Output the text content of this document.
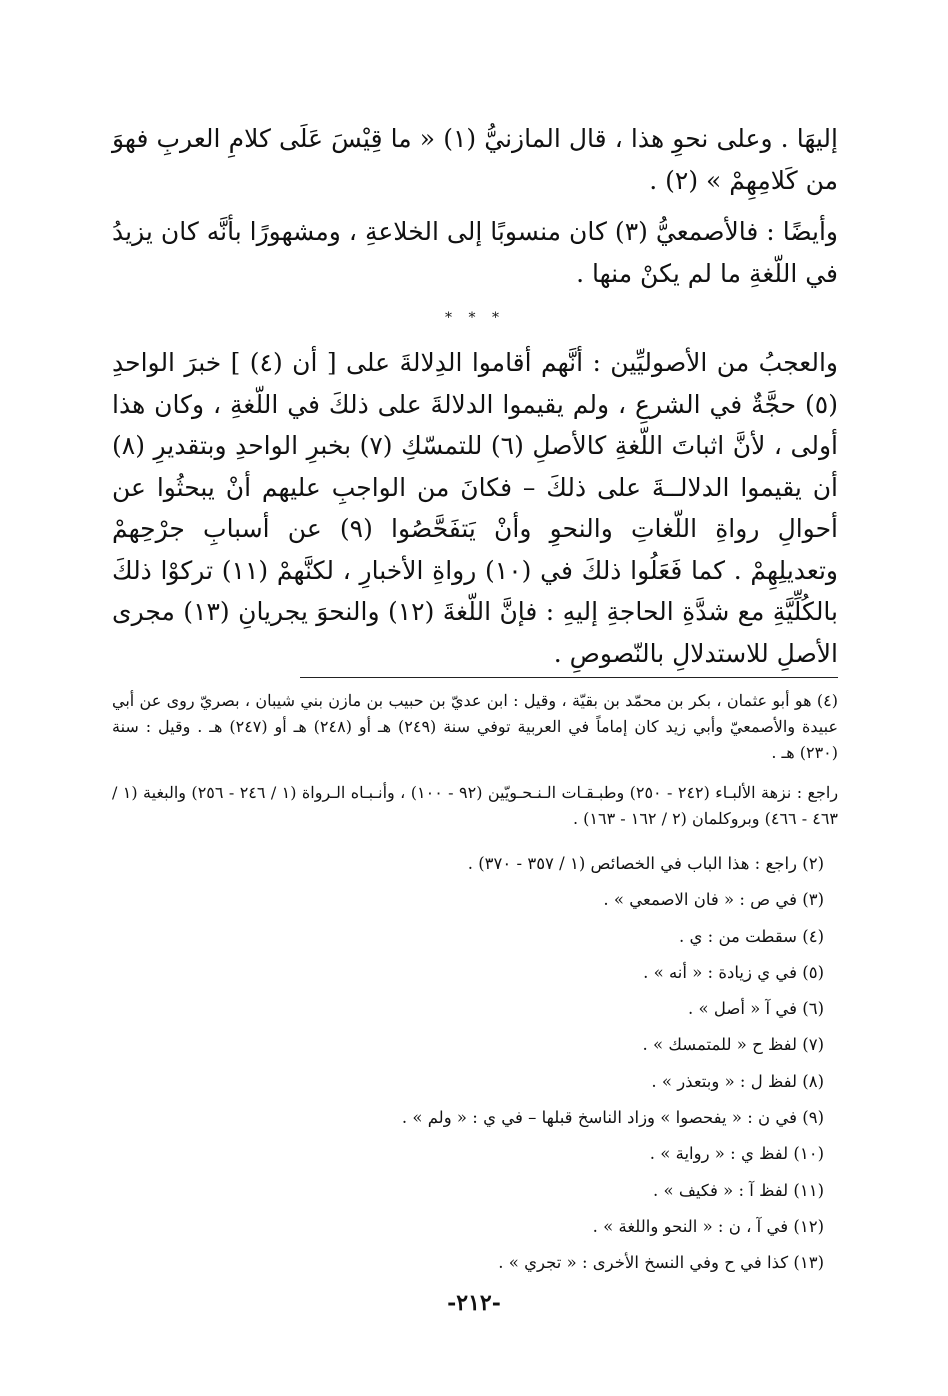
إليهَا . وعلى نحوِ هذا ، قال المازنيُّ (١) « ما قِيْسَ عَلَى كلامِ العربِ فهوَ من كَلامِهِمْ » (٢) .

وأيضًا : فالأصمعيُّ (٣) كان منسوبًا إلى الخلاعةِ ، ومشهورًا بأنَّه كان يزيدُ في اللّغةِ ما لم يكنْ منها .

* * *

والعجبُ من الأصوليِّين : أنَّهم أقاموا الدِلالةَ على [ أن (٤) ] خبرَ الواحدِ (٥) حجَّةٌ في الشرعِ ، ولم يقيموا الدلالةَ على ذلكَ في اللّغةِ ، وكان هذا أولى ، لأنَّ اثباتَ اللّغةِ كالأصلِ (٦) للتمسّكِ (٧) بخبرِ الواحدِ وبتقديرِ (٨) أن يقيموا الدلالــةَ على ذلكَ – فكانَ من الواجبِ عليهم أنْ يبحثُوا عن أحوالِ رواةِ اللّغاتِ والنحوِ وأنْ يَتفَحَّصُوا (٩) عن أسبابِ جرْحِهمْ وتعديلِهِمْ . كما فَعَلُوا ذلكَ في (١٠) رواةِ الأخبارِ ، لكنَّهمْ (١١) تركوْا ذلكَ بالكُلِّيَّةِ مع شدَّةِ الحاجةِ إليهِ : فإنَّ اللّغةَ (١٢) والنحوَ يجريانِ (١٣) مجرى الأصلِ للاستدلالِ بالنّصوصِ .

(٤) هو أبو عثمان ، بكر بن محمّد بن بقيّة ، وقيل : ابن عديّ بن حبيب بن مازن بني شيبان ، بصريّ روى عن أبي عبيدة والأصمعيّ وأبي زيد كان إماماً في العربية توفي سنة (٢٤٩) هـ أو (٢٤٨) هـ أو (٢٤٧) هـ . وقيل : سنة (٢٣٠) هـ .
راجع : نزهة الألبـاء (٢٤٢ - ٢٥٠) وطبـقـات الـنـحـويّين (٩٢ - ١٠٠) ، وأنـبـاه الـرواة (١ / ٢٤٦ - ٢٥٦) والبغية (١ / ٤٦٣ - ٤٦٦) وبروكلمان (٢ / ١٦٢ - ١٦٣) .
(٢) راجع : هذا الباب في الخصائص (١ / ٣٥٧ - ٣٧٠) .
(٣) في ص : « فان الاصمعي » .
(٤) سقطت من : ي .
(٥) في ي زيادة : « أنه » .
(٦) في آ « أصل » .
(٧) لفظ ح « للمتمسك » .
(٨) لفظ ل : « وبتعذر » .
(٩) في ن : « يفحصوا » وزاد الناسخ قبلها – في ي : « ولم » .
(١٠) لفظ ي : « رواية » .
(١١) لفظ آ : « فكيف » .
(١٢) في آ ، ن : « النحو واللغة » .
(١٣) كذا في ح وفي النسخ الأخرى : « تجري » .
-٢١٢-
